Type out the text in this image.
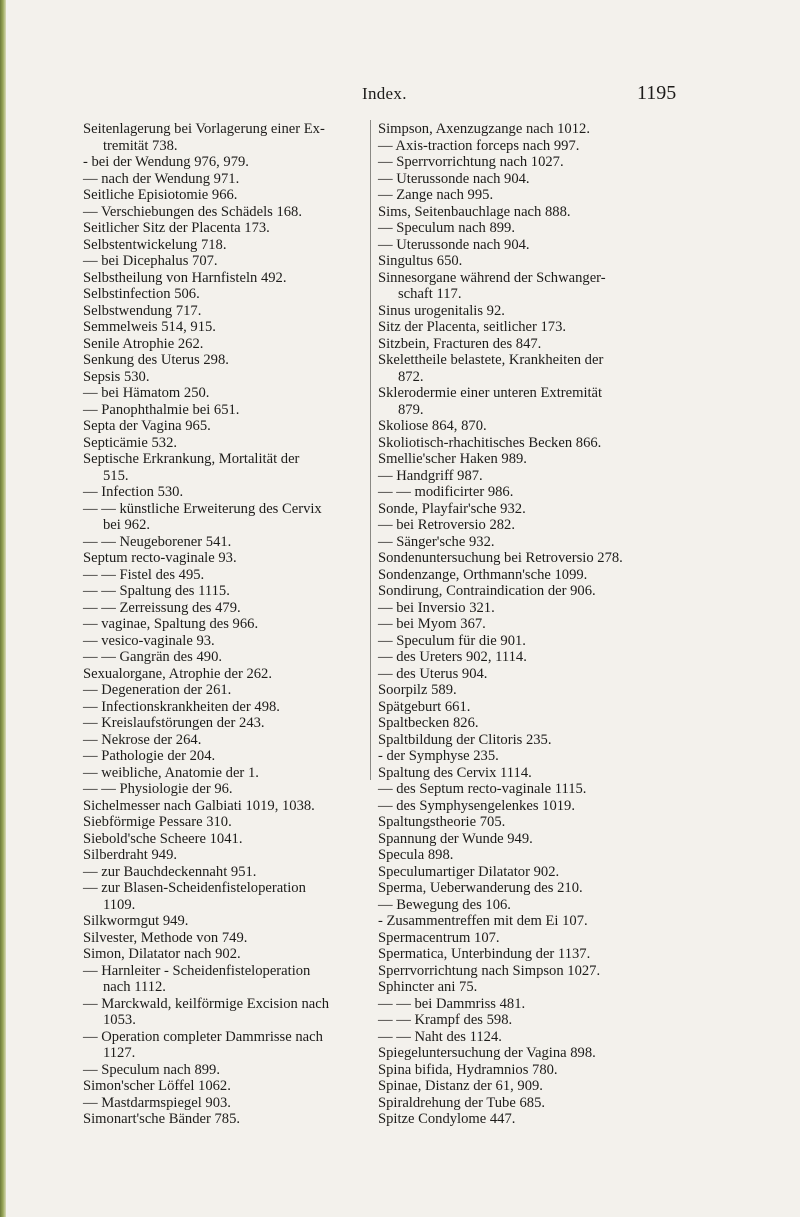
Index.	1195
Seitenlagerung bei Vorlagerung einer Ex-
tremität 738.
- bei der Wendung 976, 979.
— nach der Wendung 971.
Seitliche Episiotomie 966.
— Verschiebungen des Schädels 168.
Seitlicher Sitz der Placenta 173.
Selbstentwickelung 718.
— bei Dicephalus 707.
Selbstheilung von Harnfisteln 492.
Selbstinfection 506.
Selbstwendung 717.
Semmelweis 514, 915.
Senile Atrophie 262.
Senkung des Uterus 298.
Sepsis 530.
— bei Hämatom 250.
— Panophthalmie bei 651.
Septa der Vagina 965.
Septicämie 532.
Septische Erkrankung, Mortalität der
515.
— Infection 530.
— — künstliche Erweiterung des Cervix
bei 962.
— — Neugeborener 541.
Septum recto-vaginale 93.
— — Fistel des 495.
— — Spaltung des 1115.
— — Zerreissung des 479.
— vaginae, Spaltung des 966.
— vesico-vaginale 93.
— — Gangrän des 490.
Sexualorgane, Atrophie der 262.
— Degeneration der 261.
— Infectionskrankheiten der 498.
— Kreislaufstörungen der 243.
— Nekrose der 264.
— Pathologie der 204.
— weibliche, Anatomie der 1.
— — Physiologie der 96.
Sichelmesser nach Galbiati 1019, 1038.
Siebförmige Pessare 310.
Siebold'sche Scheere 1041.
Silberdraht 949.
— zur Bauchdeckennaht 951.
— zur Blasen-Scheidenfisteloperation
1109.
Silkwormgut 949.
Silvester, Methode von 749.
Simon, Dilatator nach 902.
— Harnleiter - Scheidenfisteloperation
nach 1112.
— Marckwald, keilförmige Excision nach
1053.
— Operation completer Dammrisse nach
1127.
— Speculum nach 899.
Simon'scher Löffel 1062.
— Mastdarmspiegel 903.
Simonart'sche Bänder 785.
Simpson, Axenzugzange nach 1012.
— Axis-traction forceps nach 997.
— Sperrvorrichtung nach 1027.
— Uterussonde nach 904.
— Zange nach 995.
Sims, Seitenbauchlage nach 888.
— Speculum nach 899.
— Uterussonde nach 904.
Singultus 650.
Sinnesorgane während der Schwanger-
schaft 117.
Sinus urogenitalis 92.
Sitz der Placenta, seitlicher 173.
Sitzbein, Fracturen des 847.
Skelettheile belastete, Krankheiten der
872.
Sklerodermie einer unteren Extremität
879.
Skoliose 864, 870.
Skoliotisch-rhachitisches Becken 866.
Smellie'scher Haken 989.
— Handgriff 987.
— — modificirter 986.
Sonde, Playfair'sche 932.
— bei Retroversio 282.
— Sänger'sche 932.
Sondenuntersuchung bei Retroversio 278.
Sondenzange, Orthmann'sche 1099.
Sondirung, Contraindication der 906.
— bei Inversio 321.
— bei Myom 367.
— Speculum für die 901.
— des Ureters 902, 1114.
— des Uterus 904.
Soorpilz 589.
Spätgeburt 661.
Spaltbecken 826.
Spaltbildung der Clitoris 235.
- der Symphyse 235.
Spaltung des Cervix 1114.
— des Septum recto-vaginale 1115.
— des Symphysengelenkes 1019.
Spaltungstheorie 705.
Spannung der Wunde 949.
Specula 898.
Speculumartiger Dilatator 902.
Sperma, Ueberwanderung des 210.
— Bewegung des 106.
- Zusammentreffen mit dem Ei 107.
Spermacentrum 107.
Spermatica, Unterbindung der 1137.
Sperrvorrichtung nach Simpson 1027.
Sphincter ani 75.
— — bei Dammriss 481.
— — Krampf des 598.
— — Naht des 1124.
Spiegeluntersuchung der Vagina 898.
Spina bifida, Hydramnios 780.
Spinae, Distanz der 61, 909.
Spiraldrehung der Tube 685.
Spitze Condylome 447.
